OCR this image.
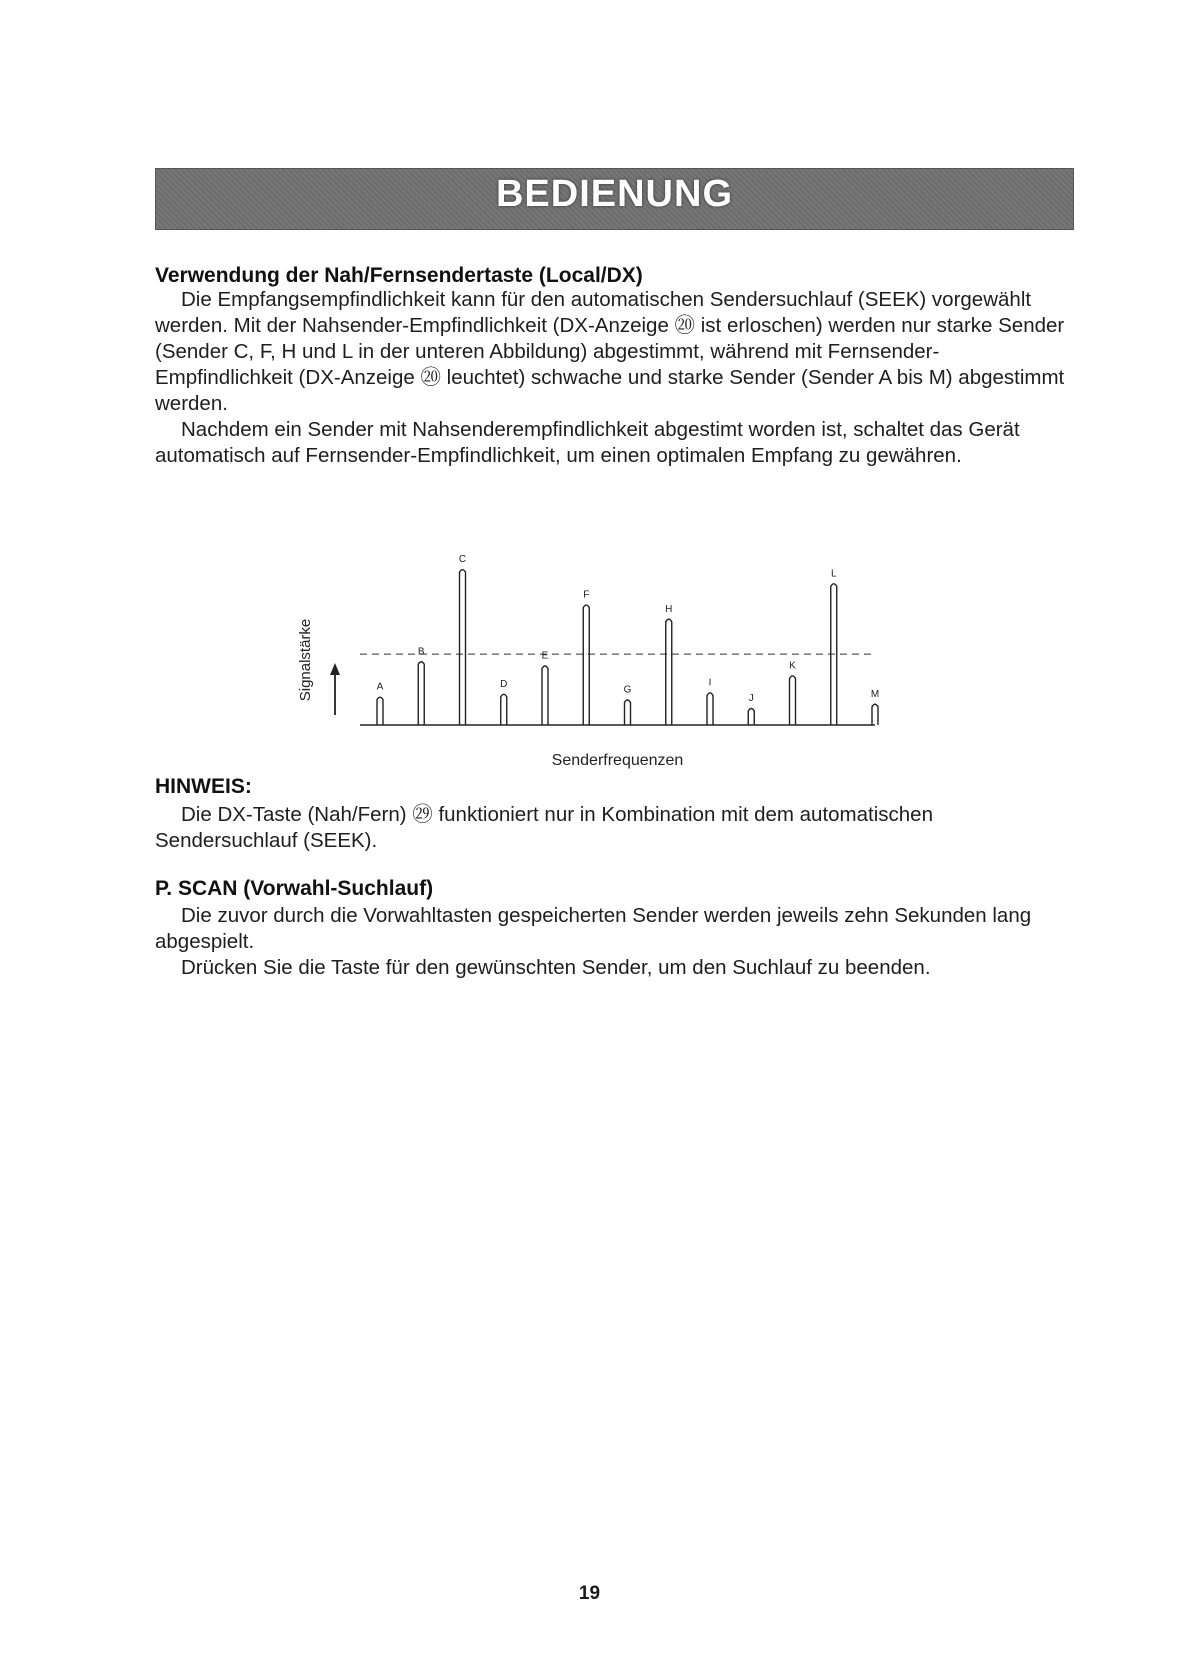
BEDIENUNG
Verwendung der Nah/Fernsendertaste (Local/DX)

Die Empfangsempfindlichkeit kann für den automatischen Sendersuchlauf (SEEK) vorgewählt werden. Mit der Nahsender-Empfindlichkeit (DX-Anzeige ⑳ ist erloschen) werden nur starke Sender (Sender C, F, H und L in der unteren Abbildung) abgestimmt, während mit Fernsender-Empfindlichkeit (DX-Anzeige ⑳ leuchtet) schwache und starke Sender (Sender A bis M) abgestimmt werden.

Nachdem ein Sender mit Nahsenderempfindlichkeit abgestimt worden ist, schaltet das Gerät automatisch auf Fernsender-Empfindlichkeit, um einen optimalen Empfang zu gewähren.

A
B
C
D
E
F
G
H
I
J
K
L
M
Signalstärke
Senderfrequenzen
HINWEIS:

Die DX-Taste (Nah/Fern) ㉙ funktioniert nur in Kombination mit dem automatischen Sendersuchlauf (SEEK).

P. SCAN (Vorwahl-Suchlauf)

Die zuvor durch die Vorwahltasten gespeicherten Sender werden jeweils zehn Sekunden lang abgespielt.

Drücken Sie die Taste für den gewünschten Sender, um den Suchlauf zu beenden.

19
